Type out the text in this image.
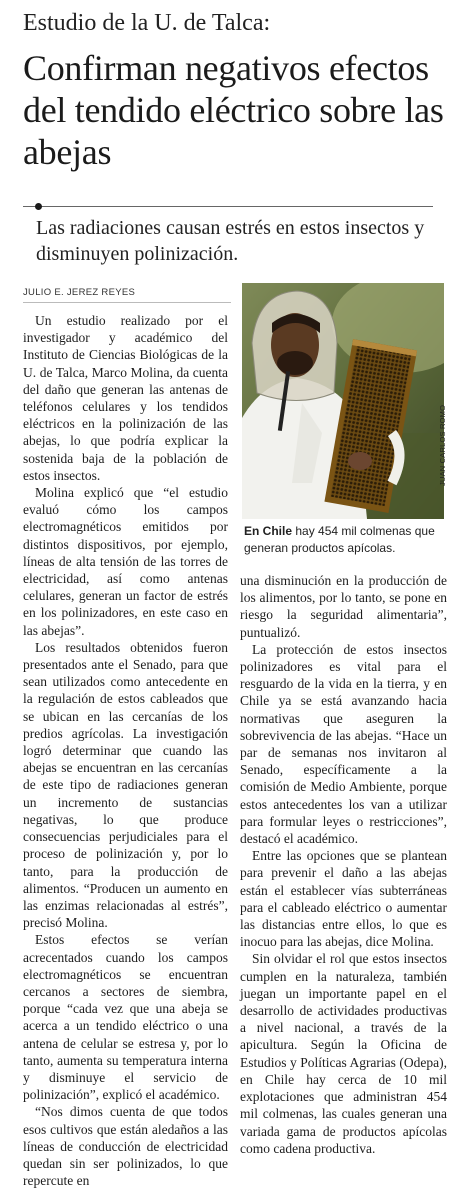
Estudio de la U. de Talca:
Confirman negativos efectos del tendido eléctrico sobre las abejas
Las radiaciones causan estrés en estos insectos y disminuyen polinización.
JULIO E. JEREZ REYES
JUAN CARLOS ROMO
En Chile hay 454 mil colmenas que generan productos apícolas.

Un estudio realizado por el investigador y académico del Instituto de Ciencias Biológicas de la U. de Talca, Marco Molina, da cuenta del daño que generan las antenas de teléfonos celulares y los tendidos eléctricos en la polinización de las abejas, lo que podría explicar la sostenida baja de la población de estos insectos.

Molina explicó que “el estudio evaluó cómo los campos electromagnéticos emitidos por distintos dispositivos, por ejemplo, líneas de alta tensión de las torres de electricidad, así como antenas celulares, generan un factor de estrés en los polinizadores, en este caso en las abejas”.

Los resultados obtenidos fueron presentados ante el Senado, para que sean utilizados como antecedente en la regulación de estos cableados que se ubican en las cercanías de los predios agrícolas. La investigación logró determinar que cuando las abejas se encuentran en las cercanías de este tipo de radiaciones generan un incremento de sustancias negativas, lo que produce consecuencias perjudiciales para el proceso de polinización y, por lo tanto, para la producción de alimentos. “Producen un aumento en las enzimas relacionadas al estrés”, precisó Molina.

Estos efectos se verían acrecentados cuando los campos electromagnéticos se encuentran cercanos a sectores de siembra, porque “cada vez que una abeja se acerca a un tendido eléctrico o una antena de celular se estresa y, por lo tanto, aumenta su temperatura interna y disminuye el servicio de polinización”, explicó el académico.

“Nos dimos cuenta de que todos esos cultivos que están aledaños a las líneas de conducción de electricidad quedan sin ser polinizados, lo que repercute en

una disminución en la producción de los alimentos, por lo tanto, se pone en riesgo la seguridad alimentaria”, puntualizó.

La protección de estos insectos polinizadores es vital para el resguardo de la vida en la tierra, y en Chile ya se está avanzando hacia normativas que aseguren la sobrevivencia de las abejas. “Hace un par de semanas nos invitaron al Senado, específicamente a la comisión de Medio Ambiente, porque estos antecedentes los van a utilizar para formular leyes o restricciones”, destacó el académico.

Entre las opciones que se plantean para prevenir el daño a las abejas están el establecer vías subterráneas para el cableado eléctrico o aumentar las distancias entre ellos, lo que es inocuo para las abejas, dice Molina.

Sin olvidar el rol que estos insectos cumplen en la naturaleza, también juegan un importante papel en el desarrollo de actividades productivas a nivel nacional, a través de la apicultura. Según la Oficina de Estudios y Políticas Agrarias (Odepa), en Chile hay cerca de 10 mil explotaciones que administran 454 mil colmenas, las cuales generan una variada gama de productos apícolas como cadena productiva.
